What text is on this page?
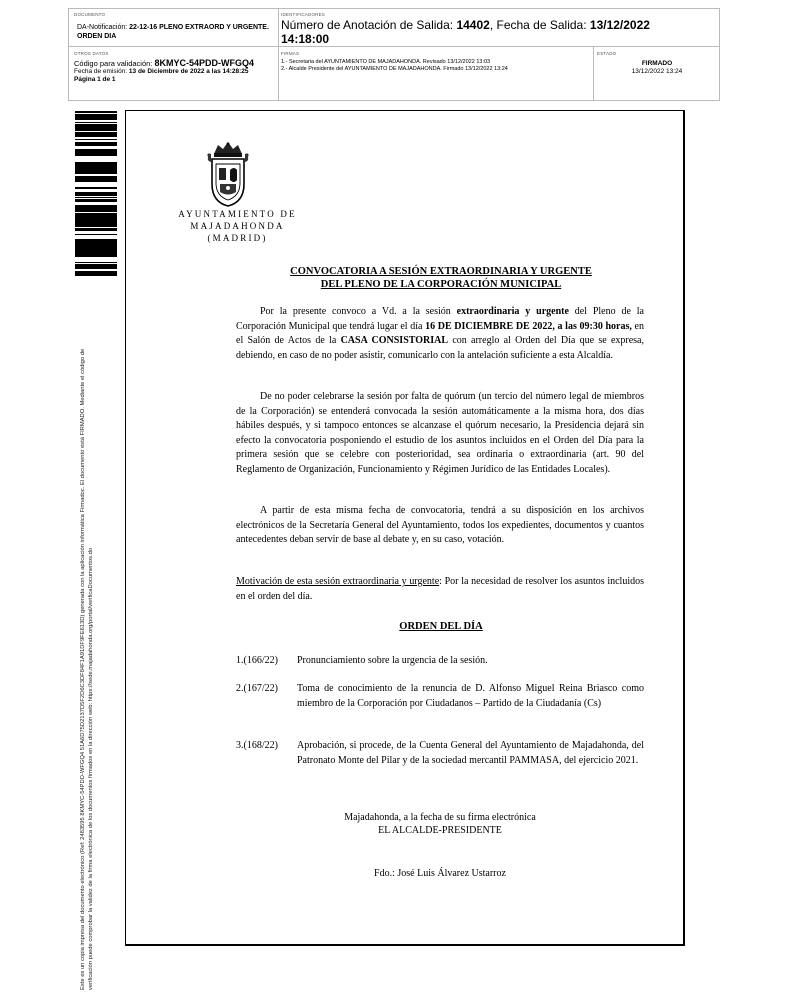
DOCUMENTO
DA-Notificación: 22-12-16 PLENO EXTRAORD Y URGENTE. ORDEN DIA
IDENTIFICADORES
Número de Anotación de Salida: 14402, Fecha de Salida: 13/12/2022 14:18:00
OTROS DATOS
Código para validación: 8KMYC-54PDD-WFGQ4
Fecha de emisión: 13 de Diciembre de 2022 a las 14:28:25
Página 1 de 1
FIRMAS
1.- Secretaria del AYUNTAMIENTO DE MAJADAHONDA. Revisado 13/12/2022 13:03
2.- Alcalde Presidente del AYUNTAMIENTO DE MAJADAHONDA. Firmado 13/12/2022 13:24
ESTADO
FIRMADO
13/12/2022 13:24
Este es un copia impresa del documento electrónico (Ref: 2483595 8KMYC-54PDD-WFGQ4 51A6D75D2137D5F2D6C3DF84F1A91DF9FE613D) generada con la aplicación informática Firmadoc. El documento está FIRMADO. Mediante el código de verificación puede comprobar la validez de la firma electrónica de los documentos firmados en la dirección web: https://sede.majadahonda.org/portal/verificaDocumentos.do
AYUNTAMIENTO DE
MAJADAHONDA
(MADRID)
CONVOCATORIA A SESIÓN EXTRAORDINARIA Y URGENTE
DEL PLENO DE LA CORPORACIÓN MUNICIPAL
Por la presente convoco a Vd. a la sesión extraordinaria y urgente del Pleno de la Corporación Municipal que tendrá lugar el día 16 DE DICIEMBRE DE 2022, a las 09:30 horas, en el Salón de Actos de la CASA CONSISTORIAL con arreglo al Orden del Día que se expresa, debiendo, en caso de no poder asistir, comunicarlo con la antelación suficiente a esta Alcaldía.
De no poder celebrarse la sesión por falta de quórum (un tercio del número legal de miembros de la Corporación) se entenderá convocada la sesión automáticamente a la misma hora, dos días hábiles después, y si tampoco entonces se alcanzase el quórum necesario, la Presidencia dejará sin efecto la convocatoria posponiendo el estudio de los asuntos incluidos en el Orden del Día para la primera sesión que se celebre con posterioridad, sea ordinaria o extraordinaria (art. 90 del Reglamento de Organización, Funcionamiento y Régimen Jurídico de las Entidades Locales).
A partir de esta misma fecha de convocatoria, tendrá a su disposición en los archivos electrónicos de la Secretaría General del Ayuntamiento, todos los expedientes, documentos y cuantos antecedentes deban servir de base al debate y, en su caso, votación.
Motivación de esta sesión extraordinaria y urgente: Por la necesidad de resolver los asuntos incluidos en el orden del día.
ORDEN DEL DÍA
1.(166/22) Pronunciamiento sobre la urgencia de la sesión.
2.(167/22) Toma de conocimiento de la renuncia de D. Alfonso Miguel Reina Briasco como miembro de la Corporación por Ciudadanos – Partido de la Ciudadanía (Cs)
3.(168/22) Aprobación, si procede, de la Cuenta General del Ayuntamiento de Majadahonda, del Patronato Monte del Pilar y de la sociedad mercantil PAMMASA, del ejercicio 2021.
Majadahonda, a la fecha de su firma electrónica
EL ALCALDE-PRESIDENTE
Fdo.: José Luis Álvarez Ustarroz
